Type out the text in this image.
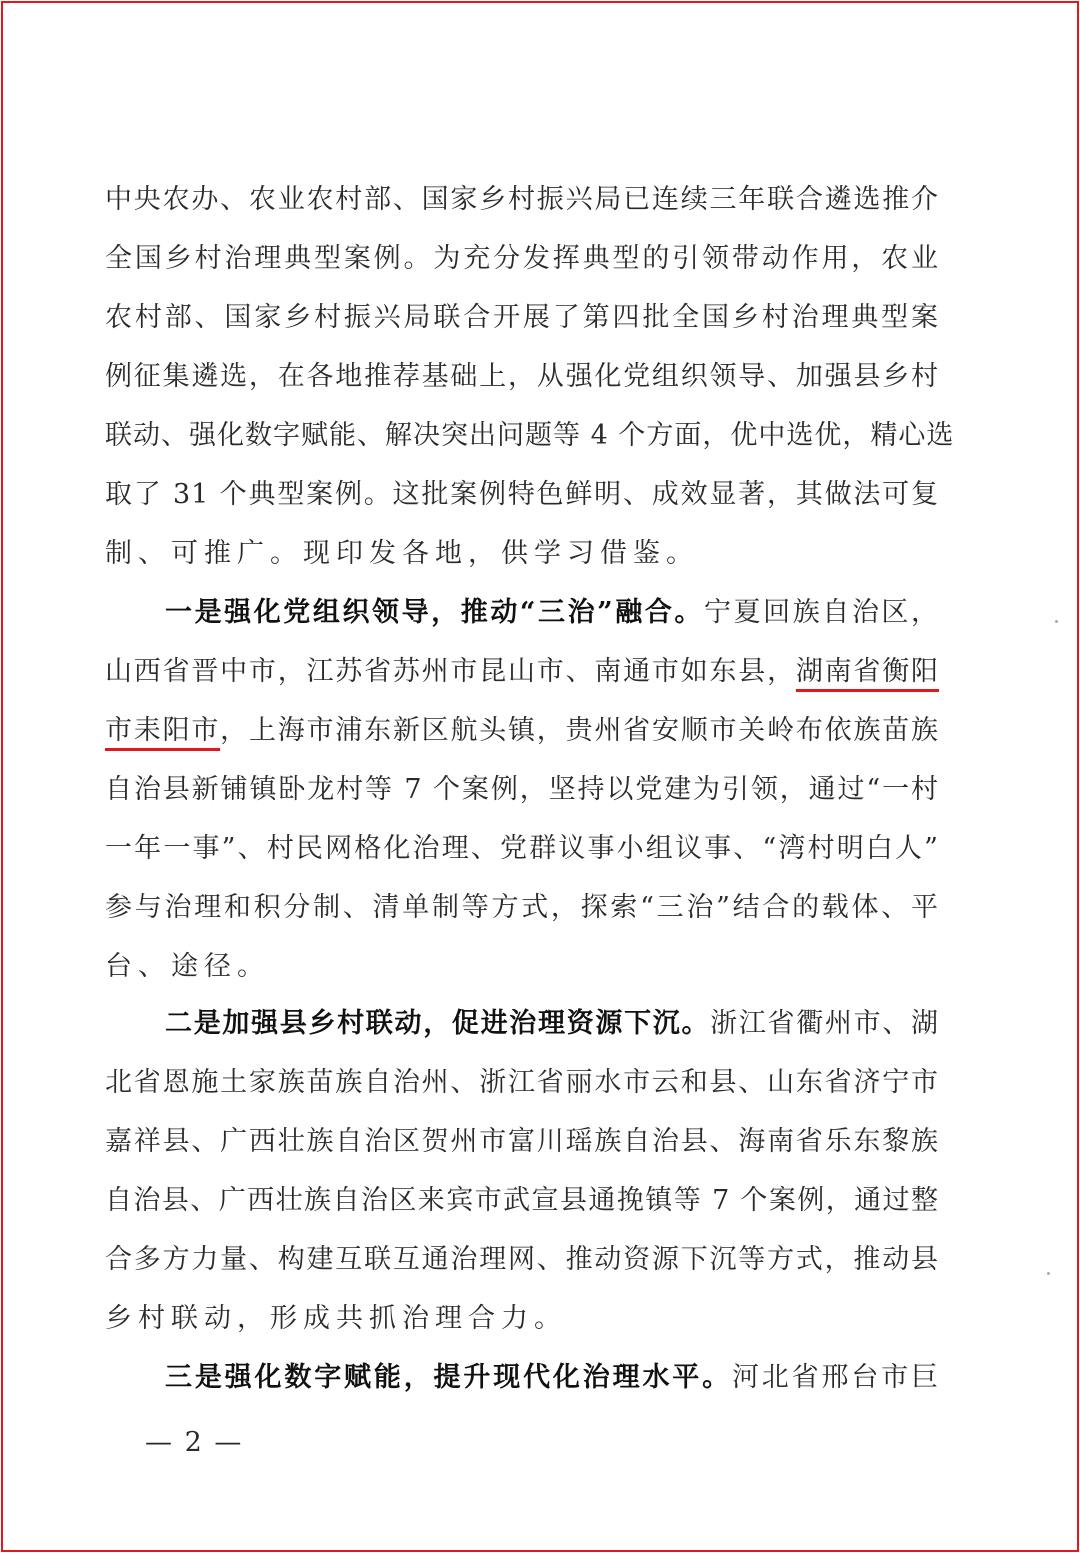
中央农办、农业农村部、国家乡村振兴局已连续三年联合遴选推介
全国乡村治理典型案例。为充分发挥典型的引领带动作用，农业
农村部、国家乡村振兴局联合开展了第四批全国乡村治理典型案
例征集遴选，在各地推荐基础上，从强化党组织领导、加强县乡村
联动、强化数字赋能、解决突出问题等 4 个方面，优中选优，精心选
取了 31 个典型案例。这批案例特色鲜明、成效显著，其做法可复
制、可推广。现印发各地，供学习借鉴。
一是强化党组织领导，推动“三治”融合。宁夏回族自治区，
山西省晋中市，江苏省苏州市昆山市、南通市如东县，湖南省衡阳
市耒阳市，上海市浦东新区航头镇，贵州省安顺市关岭布依族苗族
自治县新铺镇卧龙村等 7 个案例，坚持以党建为引领，通过“一村
一年一事”、村民网格化治理、党群议事小组议事、“湾村明白人”
参与治理和积分制、清单制等方式，探索“三治”结合的载体、平
台、途径。
二是加强县乡村联动，促进治理资源下沉。浙江省衢州市、湖
北省恩施土家族苗族自治州、浙江省丽水市云和县、山东省济宁市
嘉祥县、广西壮族自治区贺州市富川瑶族自治县、海南省乐东黎族
自治县、广西壮族自治区来宾市武宣县通挽镇等 7 个案例，通过整
合多方力量、构建互联互通治理网、推动资源下沉等方式，推动县
乡村联动，形成共抓治理合力。
三是强化数字赋能，提升现代化治理水平。河北省邢台市巨
— 2 —
